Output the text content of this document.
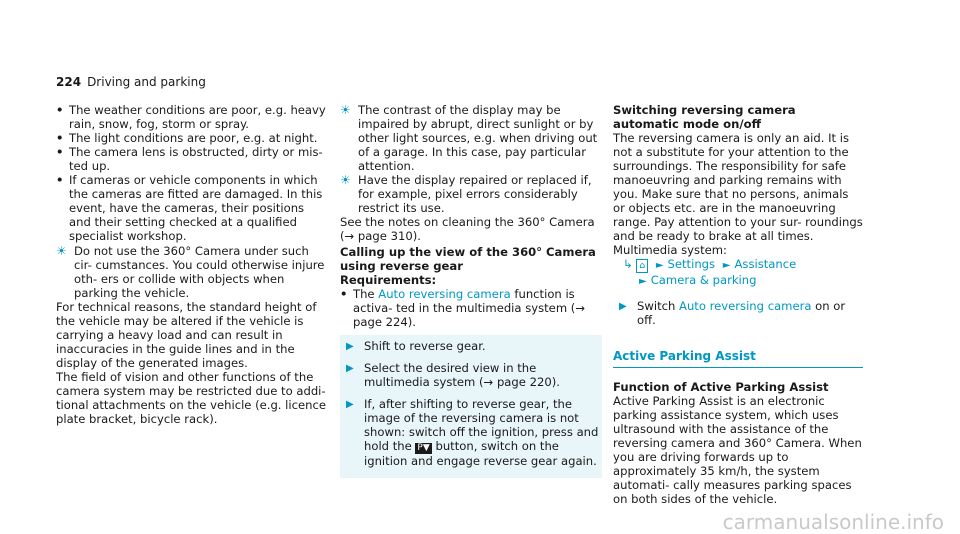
224 Driving and parking
• The weather conditions are poor, e.g. heavy rain, snow, fog, storm or spray.
• The light conditions are poor, e.g. at night.
• The camera lens is obstructed, dirty or mis- ted up.
• If cameras or vehicle components in which the cameras are fitted are damaged. In this event, have the cameras, their positions and their setting checked at a qualified specialist workshop.
☀ Do not use the 360° Camera under such cir- cumstances. You could otherwise injure oth- ers or collide with objects when parking the vehicle.

For technical reasons, the standard height of the vehicle may be altered if the vehicle is carrying a heavy load and can result in inaccuracies in the guide lines and in the display of the generated images.

The field of vision and other functions of the camera system may be restricted due to addi- tional attachments on the vehicle (e.g. licence plate bracket, bicycle rack).

☀ The contrast of the display may be impaired by abrupt, direct sunlight or by other light sources, e.g. when driving out of a garage. In this case, pay particular attention.

☀ Have the display repaired or replaced if, for example, pixel errors considerably restrict its use.

See the notes on cleaning the 360° Camera (→ page 310).

Calling up the view of the 360° Camera using reverse gear

Requirements:

• The Auto reversing camera function is activa- ted in the multimedia system (→ page 224).
▶ Shift to reverse gear.

▶ Select the desired view in the multimedia system (→ page 220).

▶ If, after shifting to reverse gear, the image of the reversing camera is not shown: switch off the ignition, press and hold the P▼ button, switch on the ignition and engage reverse gear again.

Switching reversing camera automatic mode on/off

The reversing camera is only an aid. It is not a substitute for your attention to the surroundings. The responsibility for safe manoeuvring and parking remains with you. Make sure that no persons, animals or objects etc. are in the manoeuvring range. Pay attention to your sur- roundings and be ready to brake at all times.

Multimedia system:

↳ ⌂ ► Settings ► Assistance
► Camera & parking
▶ Switch Auto reversing camera on or off.

Active Parking Assist

Function of Active Parking Assist

Active Parking Assist is an electronic parking assistance system, which uses ultrasound with the assistance of the reversing camera and 360° Camera. When you are driving forwards up to approximately 35 km/h, the system automati- cally measures parking spaces on both sides of the vehicle.

carmanualsonline.info
